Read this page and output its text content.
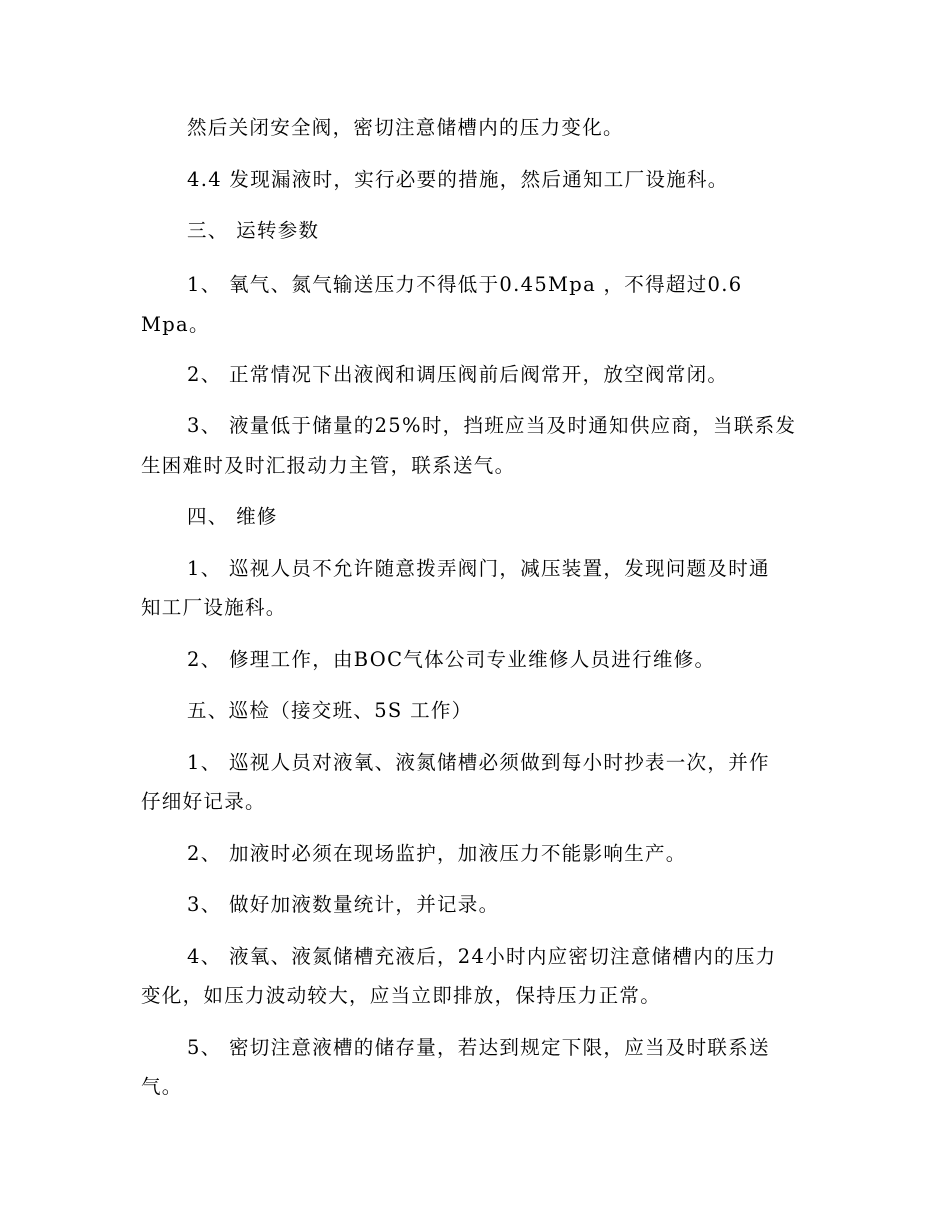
然后关闭安全阀，密切注意储槽内的压力变化。

4.4 发现漏液时，实行必要的措施，然后通知工厂设施科。

三、 运转参数

1、 氧气、氮气输送压力不得低于0.45Mpa ，不得超过0.6

Mpa。

2、 正常情况下出液阀和调压阀前后阀常开，放空阀常闭。

3、 液量低于储量的25%时，挡班应当及时通知供应商，当联系发

生困难时及时汇报动力主管，联系送气。

四、 维修

1、 巡视人员不允许随意拨弄阀门，减压装置，发现问题及时通

知工厂设施科。

2、 修理工作，由BOC气体公司专业维修人员进行维修。

五、巡检（接交班、5S 工作）

1、 巡视人员对液氧、液氮储槽必须做到每小时抄表一次，并作

仔细好记录。

2、 加液时必须在现场监护，加液压力不能影响生产。

3、 做好加液数量统计，并记录。

4、 液氧、液氮储槽充液后，24小时内应密切注意储槽内的压力

变化，如压力波动较大，应当立即排放，保持压力正常。

5、 密切注意液槽的储存量，若达到规定下限，应当及时联系送

气。
